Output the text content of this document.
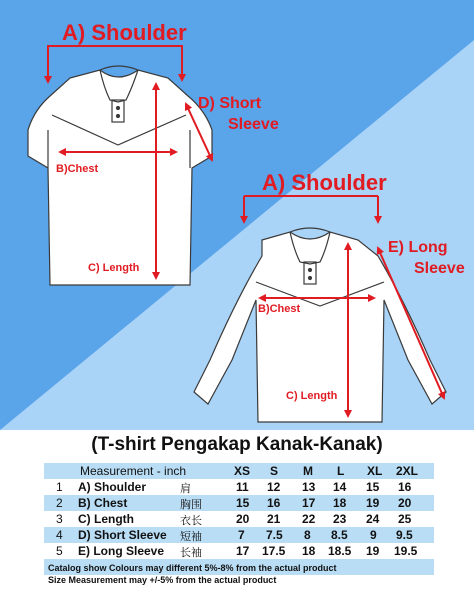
A) Shoulder
D) Short
Sleeve
B)Chest
C) Length
A) Shoulder
E) Long
Sleeve
B)Chest
C) Length
(T-shirt Pengakap Kanak-Kanak)
Measurement - inch	XS S M L XL 2XL
1 A) Shoulder	肩	11 12 13 14 15 16
2 B) Chest	胸围	15 16 17 18 19 20
3 C) Length	衣长	20 21 22 23 24 25
4 D) Short Sleeve 短袖	7 7.5 8 8.5 9 9.5
5 E) Long Sleeve 长袖	17 17.5 18 18.5 19 19.5
Catalog show Colours may different 5%-8% from the actual product
Size Measurement may +/-5% from the actual product
